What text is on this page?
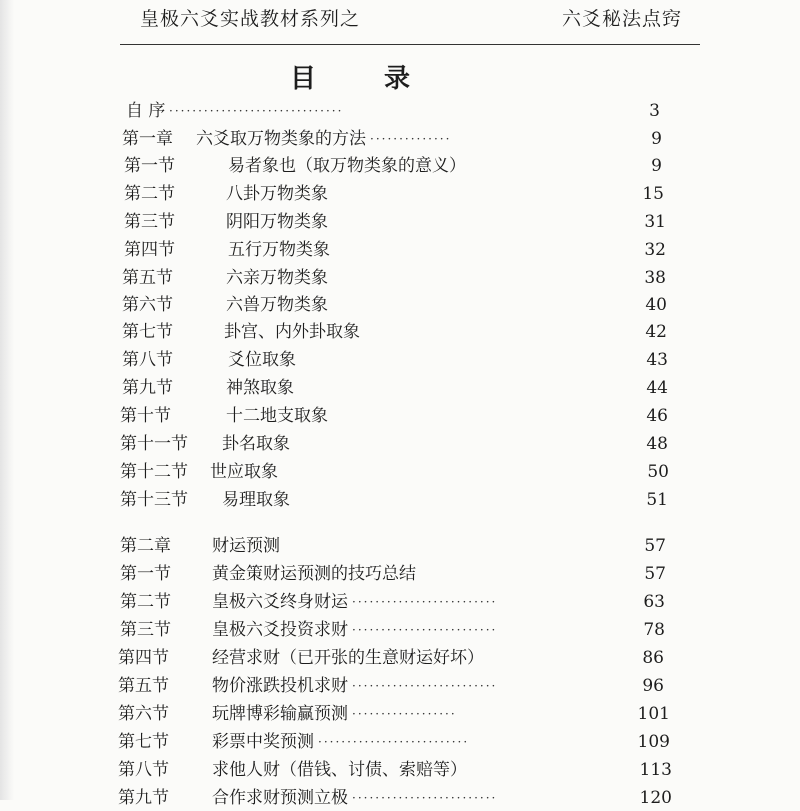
皇极六爻实战教材系列之	六爻秘法点窍
目	录
自 序 ······························	3
第一章 六爻取万物类象的方法 ··············	9
第一节	易者象也（取万物类象的意义）	9
第二节	八卦万物类象	15
第三节	阴阳万物类象	31
第四节	五行万物类象	32
第五节	六亲万物类象	38
第六节	六兽万物类象	40
第七节	卦宫、内外卦取象	42
第八节	爻位取象	43
第九节	神煞取象	44
第十节	十二地支取象	46
第十一节 卦名取象	48
第十二节 世应取象	50
第十三节 易理取象	51
第二章 财运预测	57
第一节 黄金策财运预测的技巧总结	57
第二节 皇极六爻终身财运 ·························	63
第三节 皇极六爻投资求财 ·························	78
第四节	经营求财（已开张的生意财运好坏）	86
第五节	物价涨跌投机求财 ·························	96
第六节	玩牌博彩输赢预测 ··················	101
第七节	彩票中奖预测 ··························	109
第八节	求他人财（借钱、讨债、索赔等）	113
第九节	合作求财预测立极 ·························	120
